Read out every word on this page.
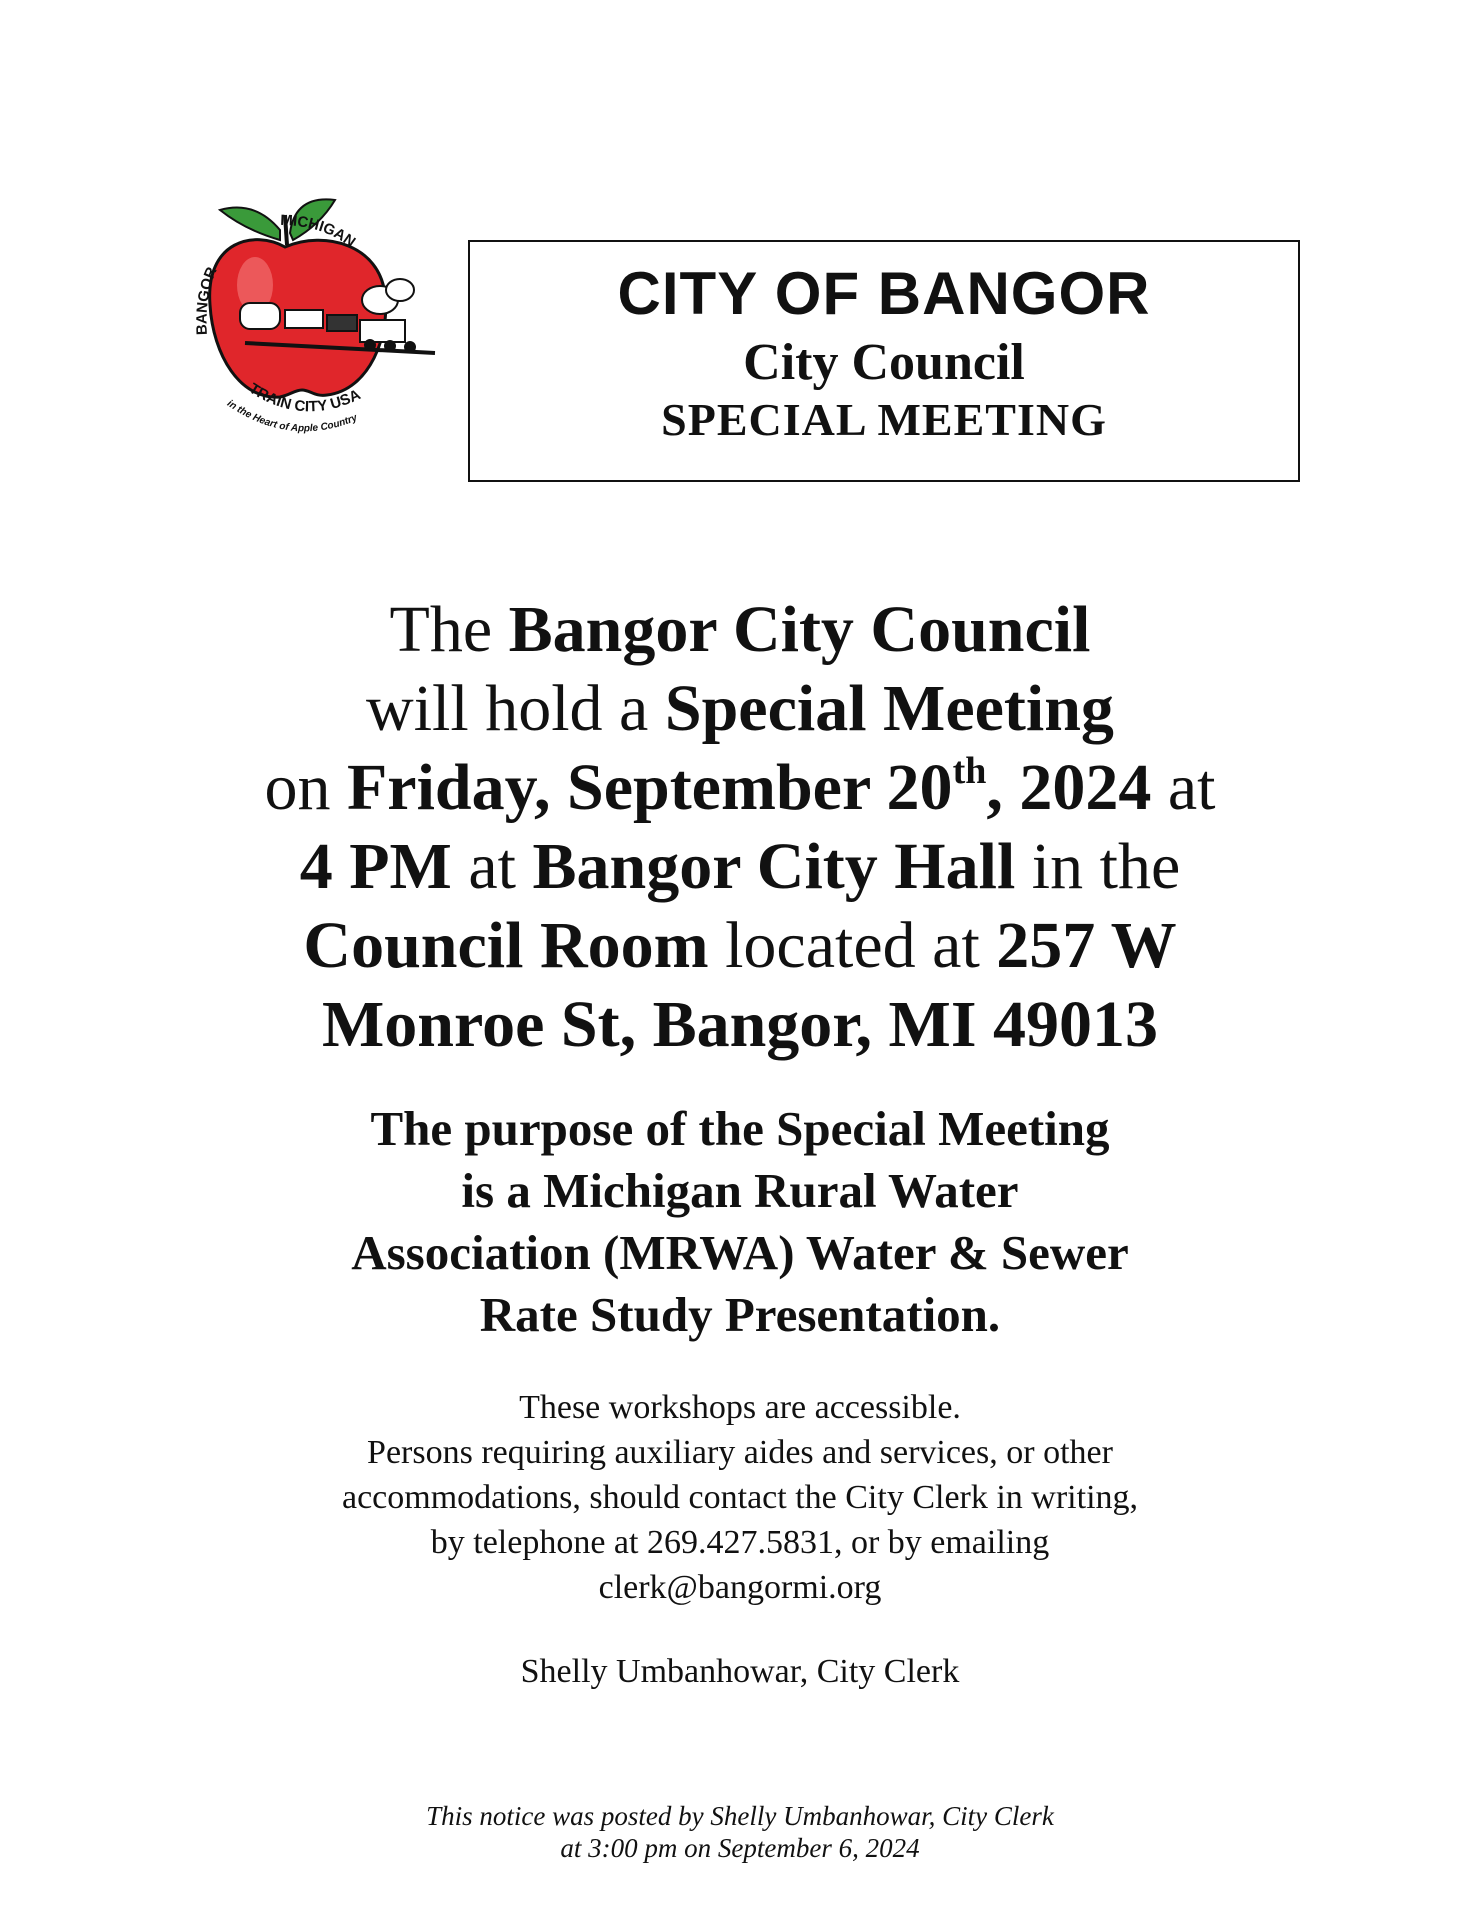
MICHIGAN
BANGOR
TRAIN CITY USA
in the Heart of Apple Country
CITY OF BANGOR
City Council
SPECIAL MEETING
The Bangor City Council
will hold a Special Meeting
on Friday, September 20th, 2024 at
4 PM at Bangor City Hall in the
Council Room located at 257 W
Monroe St, Bangor, MI 49013
The purpose of the Special Meeting
is a Michigan Rural Water
Association (MRWA) Water & Sewer
Rate Study Presentation.
These workshops are accessible.
Persons requiring auxiliary aides and services, or other
accommodations, should contact the City Clerk in writing,
by telephone at 269.427.5831, or by emailing
clerk@bangormi.org
Shelly Umbanhowar, City Clerk
This notice was posted by Shelly Umbanhowar, City Clerk
at 3:00 pm on September 6, 2024
